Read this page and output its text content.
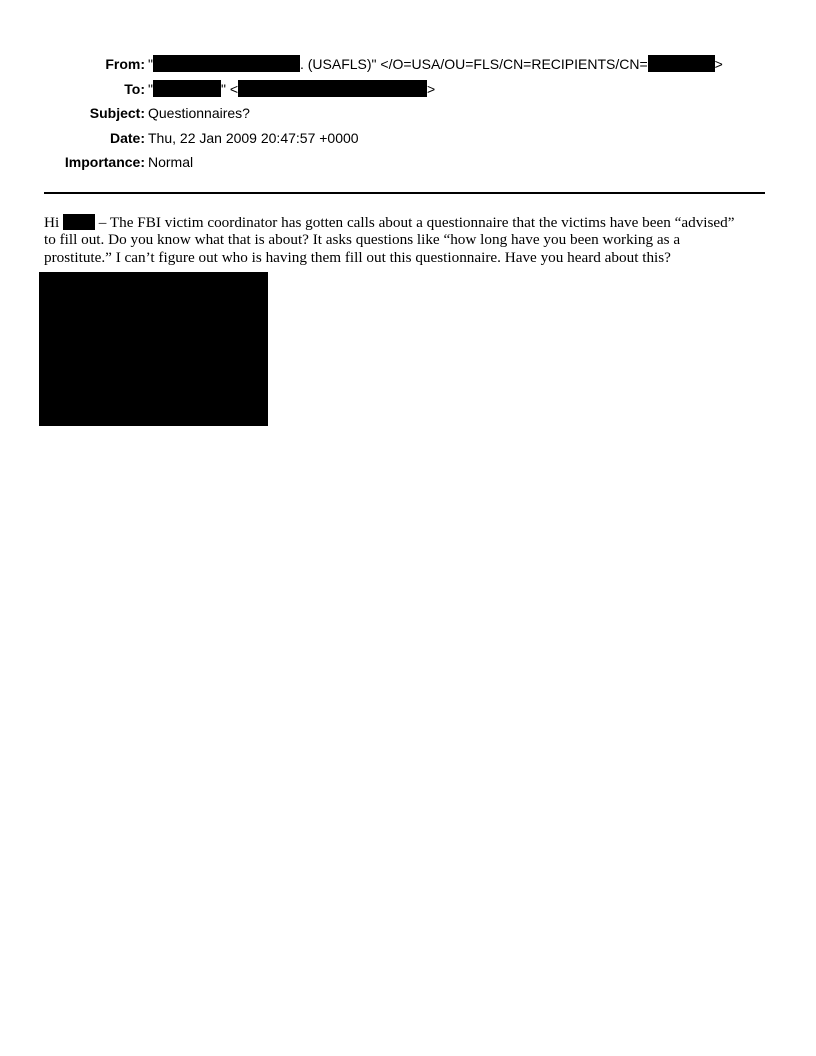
From: "	. (USAFLS)" </O=USA/OU=FLS/CN=RECIPIENTS/CN=	>
To: "	" <	>
Subject: Questionnaires?
Date: Thu, 22 Jan 2009 20:47:57 +0000
Importance: Normal
Hi  – The FBI victim coordinator has gotten calls about a questionnaire that the victims have been “advised”
to fill out. Do you know what that is about? It asks questions like “how long have you been working as a
prostitute.” I can’t figure out who is having them fill out this questionnaire. Have you heard about this?
